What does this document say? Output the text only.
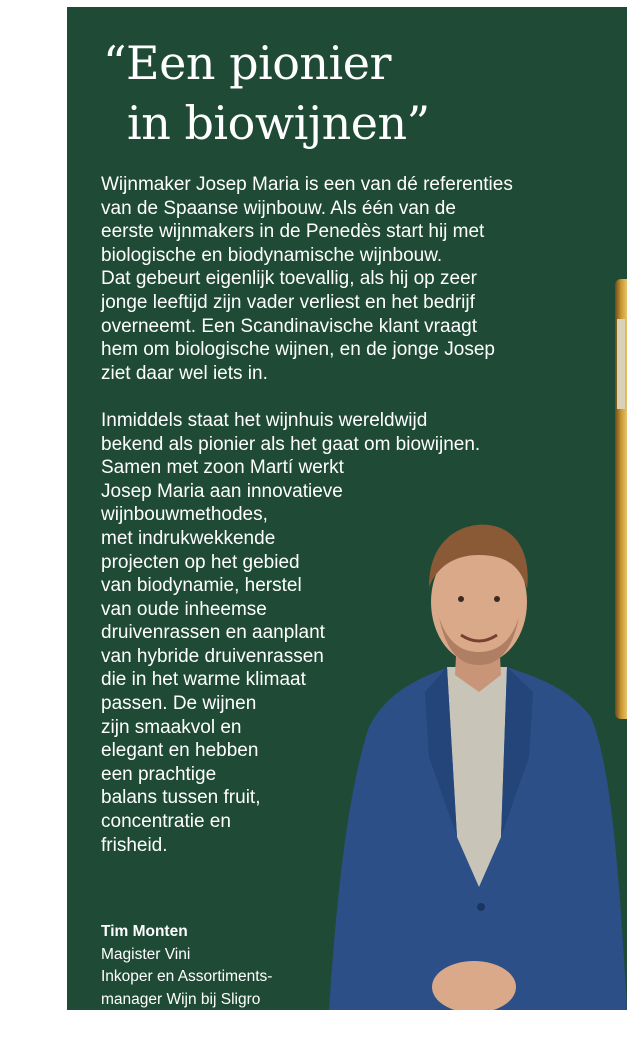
“Een pionier
in biowijnen”

Wijnmaker Josep Maria is een van dé referenties
van de Spaanse wijnbouw. Als één van de
eerste wijnmakers in de Penedès start hij met
biologische en biodynamische wijnbouw.
Dat gebeurt eigenlijk toevallig, als hij op zeer
jonge leeftijd zijn vader verliest en het bedrijf
overneemt. Een Scandinavische klant vraagt
hem om biologische wijnen, en de jonge Josep
ziet daar wel iets in.

Inmiddels staat het wijnhuis wereldwijd
bekend als pionier als het gaat om biowijnen.
Samen met zoon Martí werkt
Josep Maria aan innovatieve
wijnbouwmethodes,
met indrukwekkende
projecten op het gebied
van biodynamie, herstel
van oude inheemse
druivenrassen en aanplant
van hybride druivenrassen
die in het warme klimaat
passen. De wijnen
zijn smaakvol en
elegant en hebben
een prachtige
balans tussen fruit,
concentratie en
frisheid.

Tim Monten
Magister Vini
Inkoper en Assortiments-
manager Wijn bij Sligro
